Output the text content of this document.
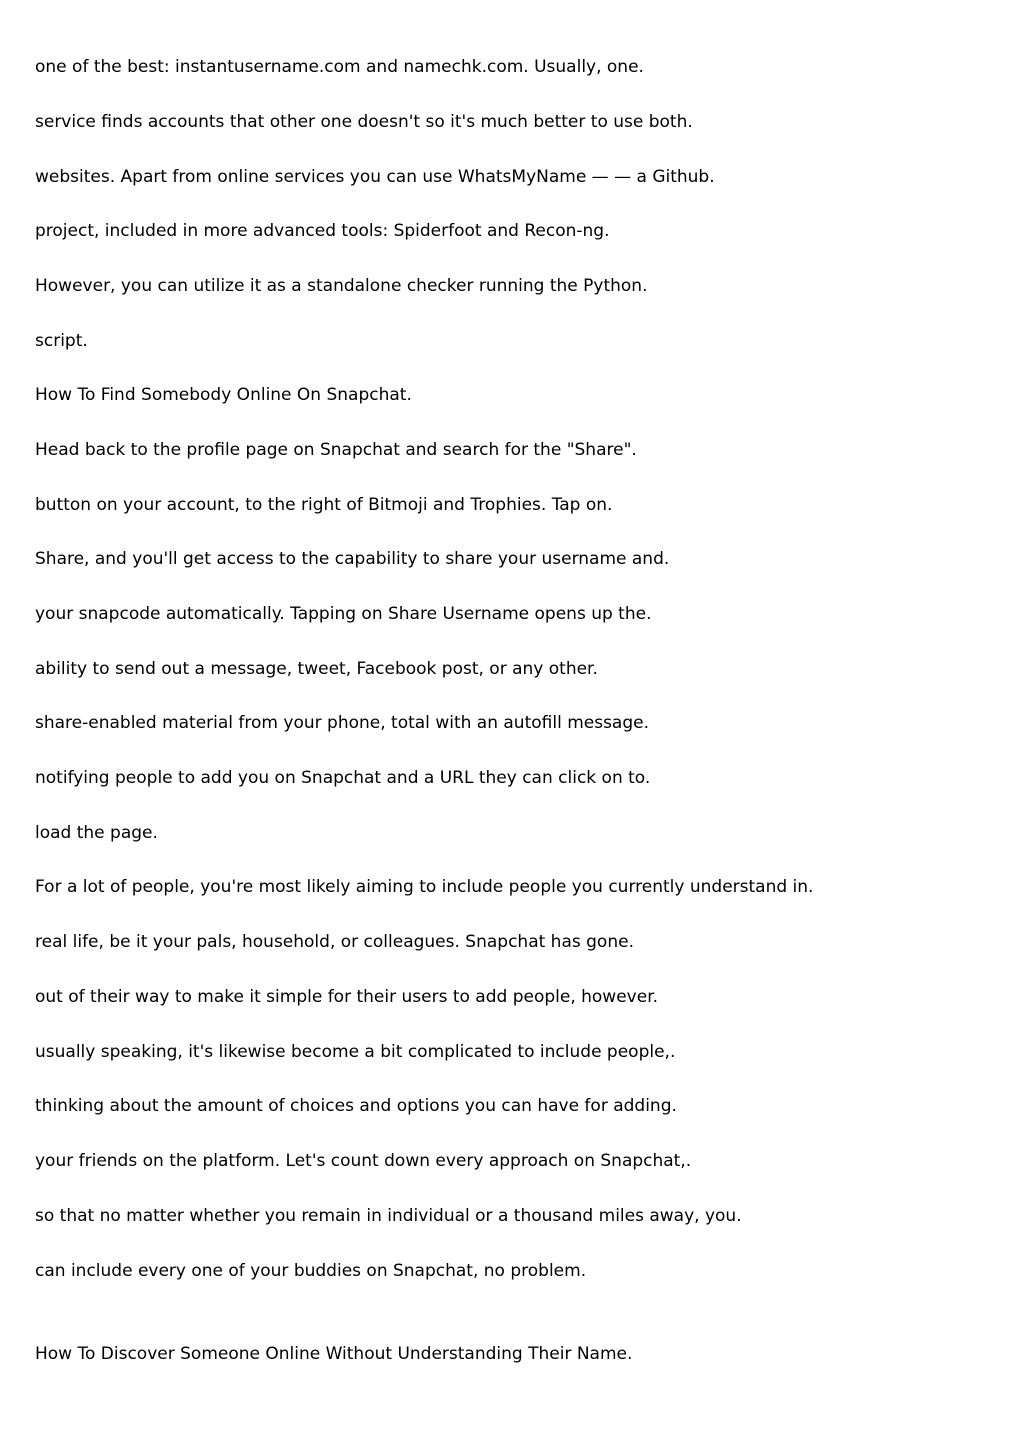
one of the best: instantusername.com and namechk.com. Usually, one.

service finds accounts that other one doesn't so it's much better to use both.

websites. Apart from online services you can use WhatsMyName — — a Github.

project, included in more advanced tools: Spiderfoot and Recon-ng.

However, you can utilize it as a standalone checker running the Python.

script.

How To Find Somebody Online On Snapchat.

Head back to the profile page on Snapchat and search for the "Share".

button on your account, to the right of Bitmoji and Trophies. Tap on.

Share, and you'll get access to the capability to share your username and.

your snapcode automatically. Tapping on Share Username opens up the.

ability to send out a message, tweet, Facebook post, or any other.

share-enabled material from your phone, total with an autofill message.

notifying people to add you on Snapchat and a URL they can click on to.

load the page.

For a lot of people, you're most likely aiming to include people you currently understand in.

real life, be it your pals, household, or colleagues. Snapchat has gone.

out of their way to make it simple for their users to add people, however.

usually speaking, it's likewise become a bit complicated to include people,.

thinking about the amount of choices and options you can have for adding.

your friends on the platform. Let's count down every approach on Snapchat,.

so that no matter whether you remain in individual or a thousand miles away, you.

can include every one of your buddies on Snapchat, no problem.

How To Discover Someone Online Without Understanding Their Name.
